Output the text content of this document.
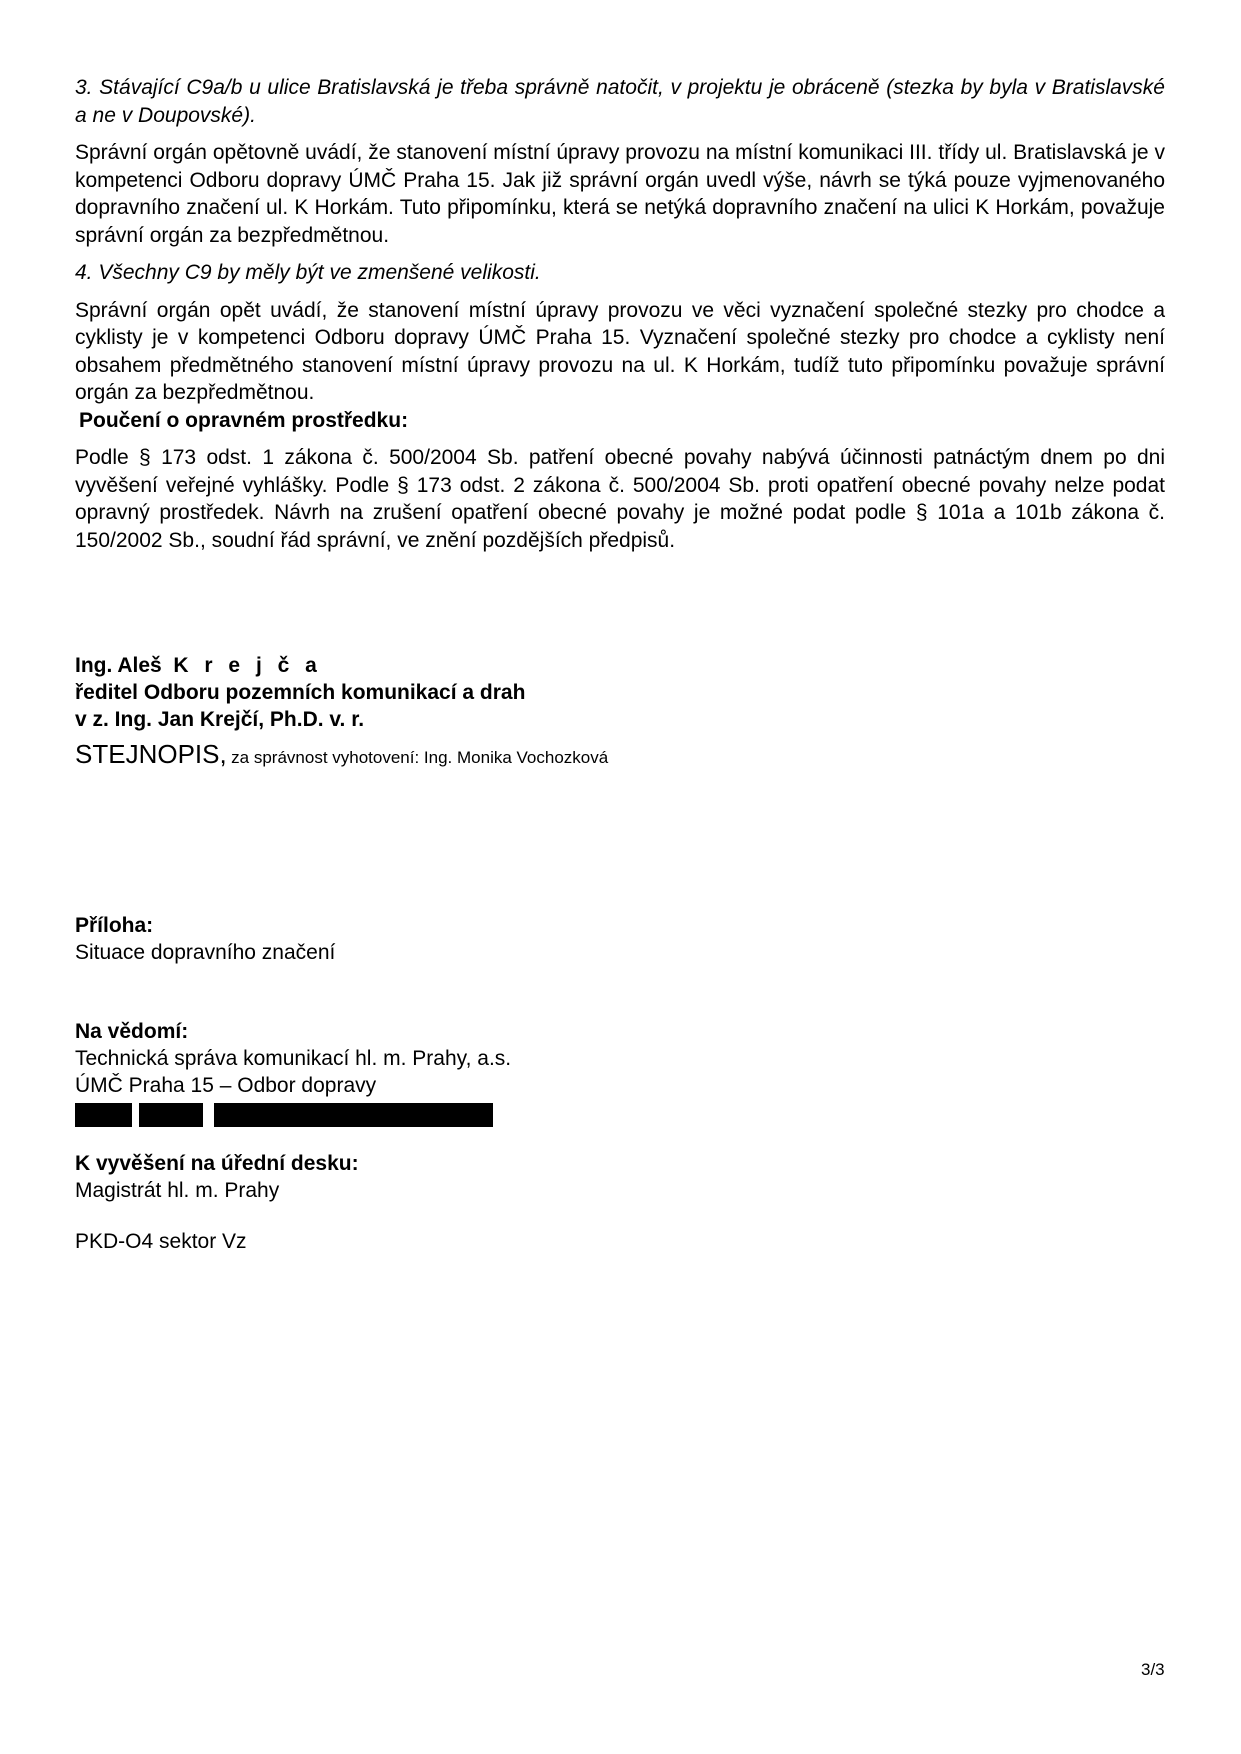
3. Stávající C9a/b u ulice Bratislavská je třeba správně natočit, v projektu je obráceně (stezka by byla v Bratislavské a ne v Doupovské).

Správní orgán opětovně uvádí, že stanovení místní úpravy provozu na místní komunikaci III. třídy ul. Bratislavská je v kompetenci Odboru dopravy ÚMČ Praha 15. Jak již správní orgán uvedl výše, návrh se týká pouze vyjmenovaného dopravního značení ul. K Horkám. Tuto připomínku, která se netýká dopravního značení na ulici K Horkám, považuje správní orgán za bezpředmětnou.

4. Všechny C9 by měly být ve zmenšené velikosti.

Správní orgán opět uvádí, že stanovení místní úpravy provozu ve věci vyznačení společné stezky pro chodce a cyklisty je v kompetenci Odboru dopravy ÚMČ Praha 15. Vyznačení společné stezky pro chodce a cyklisty není obsahem předmětného stanovení místní úpravy provozu na ul. K Horkám, tudíž tuto připomínku považuje správní orgán za bezpředmětnou.

Poučení o opravném prostředku:

Podle § 173 odst. 1 zákona č. 500/2004 Sb. patření obecné povahy nabývá účinnosti patnáctým dnem po dni vyvěšení veřejné vyhlášky. Podle § 173 odst. 2 zákona č. 500/2004 Sb. proti opatření obecné povahy nelze podat opravný prostředek. Návrh na zrušení opatření obecné povahy je možné podat podle § 101a a 101b zákona č. 150/2002 Sb., soudní řád správní, ve znění pozdějších předpisů.

Ing. Aleš K r e j č a

ředitel Odboru pozemních komunikací a drah

v z. Ing. Jan Krejčí, Ph.D. v. r.

STEJNOPIS, za správnost vyhotovení: Ing. Monika Vochozková

Příloha:

Situace dopravního značení

Na vědomí:

Technická správa komunikací hl. m. Prahy, a.s.

ÚMČ Praha 15 – Odbor dopravy

K vyvěšení na úřední desku:

Magistrát hl. m. Prahy

PKD-O4 sektor Vz

3/3
